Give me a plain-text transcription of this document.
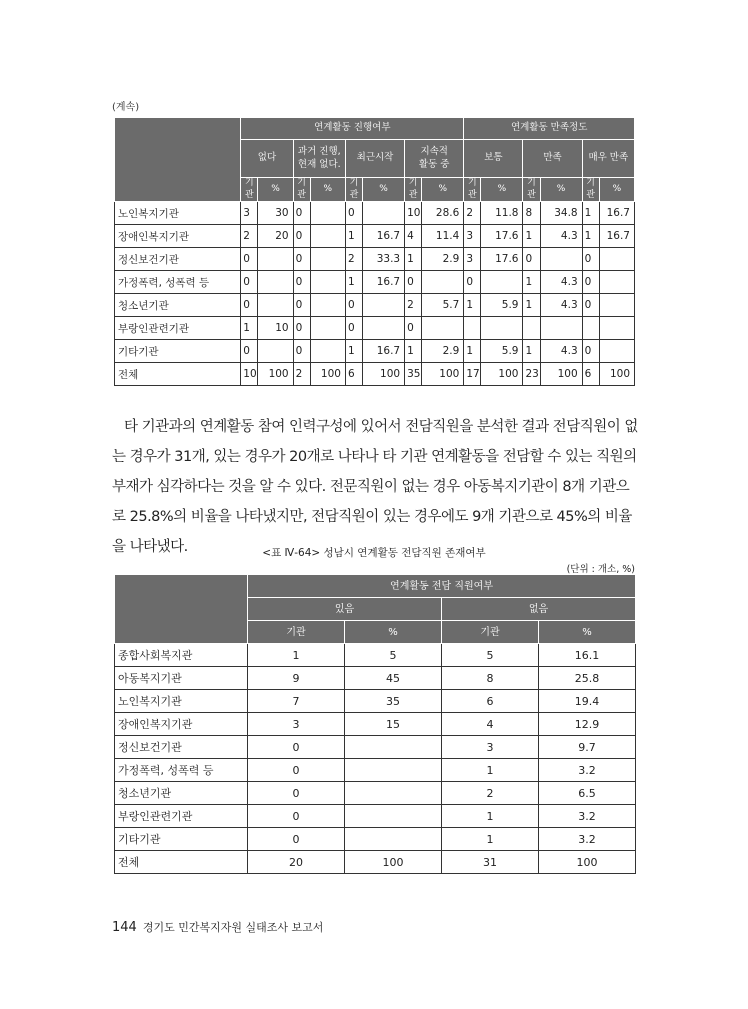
(계속)
	연계활동 진행여부								연계활동 만족정도					
	없다		과거 진행,
현재 없다.		최근시작		지속적
활동 중		보통		만족		매우 만족	
	기관	%	기관	%	기관	%	기관	%	기관	%	기관	%	기관	%
노인복지기관	3	30	0		0		10	28.6	2	11.8	8	34.8	1	16.7
장애인복지기관	2	20	0		1	16.7	4	11.4	3	17.6	1	4.3	1	16.7
정신보건기관	0		0		2	33.3	1	2.9	3	17.6	0		0	
가정폭력, 성폭력 등	0		0		1	16.7	0		0		1	4.3	0	
청소년기관	0		0		0		2	5.7	1	5.9	1	4.3	0	
부랑인관련기관	1	10	0		0		0							
기타기관	0		0		1	16.7	1	2.9	1	5.9	1	4.3	0	
전체	10	100	2	100	6	100	35	100	17	100	23	100	6	100
타 기관과의 연계활동 참여 인력구성에 있어서 전담직원을 분석한 결과 전담직원이 없는 경우가 31개, 있는 경우가 20개로 나타나 타 기관 연계활동을 전담할 수 있는 직원의 부재가 심각하다는 것을 알 수 있다. 전문직원이 없는 경우 아동복지기관이 8개 기관으로 25.8%의 비율을 나타냈지만, 전담직원이 있는 경우에도 9개 기관으로 45%의 비율을 나타냈다.	<표 Ⅳ-64> 성남시 연계활동 전담직원 존재여부
(단위 : 개소, %)
	연계활동 전담 직원여부			
	있음		없음	
	기관	%	기관	%
종합사회복지관	1	5	5	16.1
아동복지기관	9	45	8	25.8
노인복지기관	7	35	6	19.4
장애인복지기관	3	15	4	12.9
정신보건기관	0		3	9.7
가정폭력, 성폭력 등	0		1	3.2
청소년기관	0		2	6.5
부랑인관련기관	0		1	3.2
기타기관	0		1	3.2
전체	20	100	31	100
144 경기도 민간복지자원 실태조사 보고서
